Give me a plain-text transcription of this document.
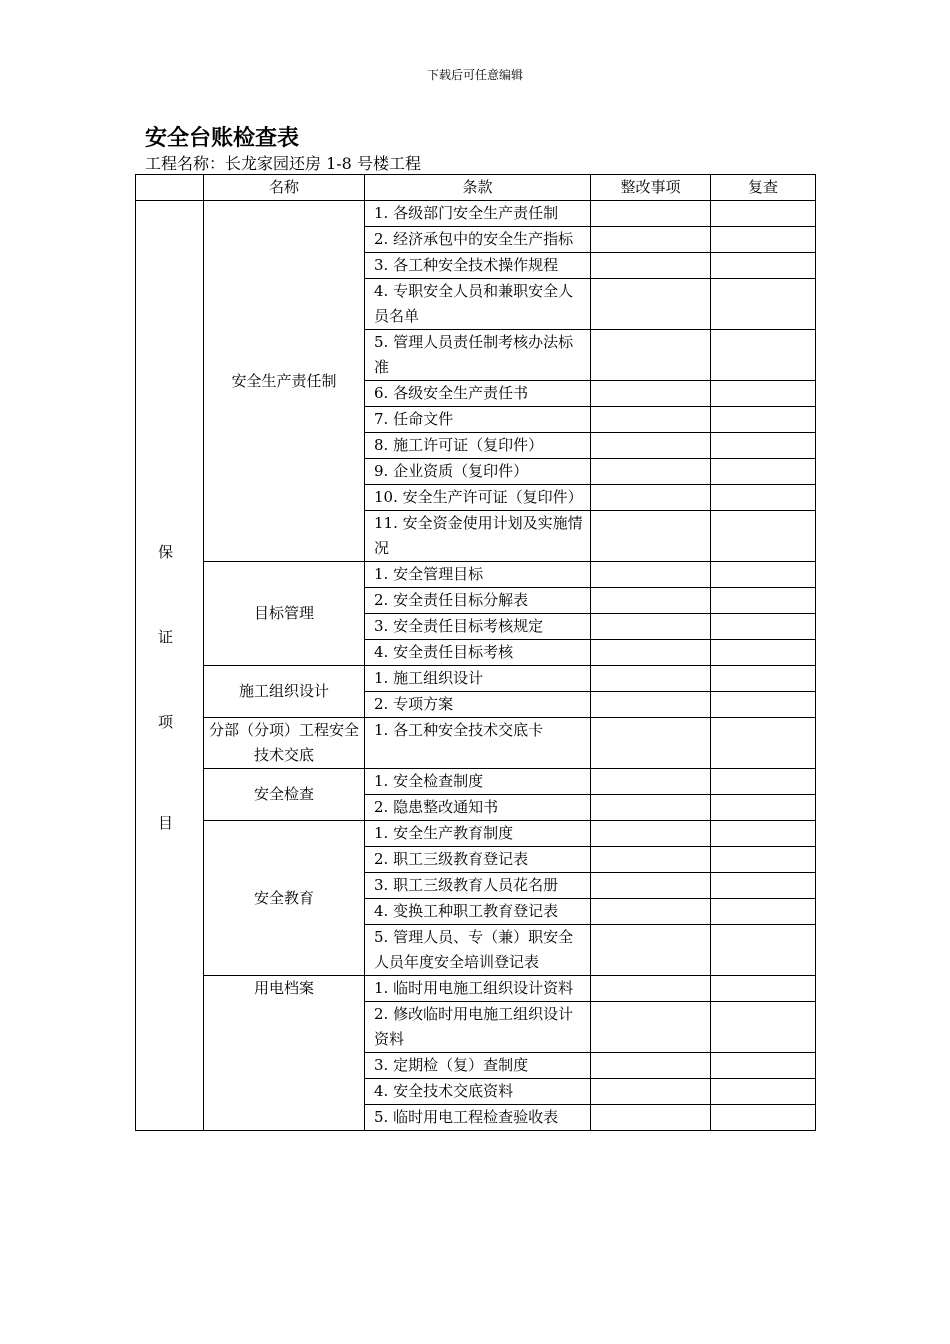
下载后可任意编辑
安全台账检查表
工程名称：长龙家园还房 1-8 号楼工程
	名称	条款	整改事项	复查
	安全生产责任制	1. 各级部门安全生产责任制		
		2. 经济承包中的安全生产指标		
		3. 各工种安全技术操作规程		
		4. 专职安全人员和兼职安全人员名单		
		5. 管理人员责任制考核办法标准		
		6. 各级安全生产责任书		
		7. 任命文件		
		8. 施工许可证（复印件）		
		9. 企业资质（复印件）		
		10. 安全生产许可证（复印件）		
		11. 安全资金使用计划及实施情况		
	目标管理	1. 安全管理目标		
		2. 安全责任目标分解表		
		3. 安全责任目标考核规定		
		4. 安全责任目标考核		
	施工组织设计	1. 施工组织设计		
		2. 专项方案		
	分部（分项）工程安全技术交底	1. 各工种安全技术交底卡		
	安全检查	1. 安全检查制度		
		2. 隐患整改通知书		
	安全教育	1. 安全生产教育制度		
		2. 职工三级教育登记表		
		3. 职工三级教育人员花名册		
		4. 变换工种职工教育登记表		
		5. 管理人员、专（兼）职安全人员年度安全培训登记表		
	用电档案	1. 临时用电施工组织设计资料		
		2. 修改临时用电施工组织设计资料		
		3. 定期检（复）查制度		
		4. 安全技术交底资料		
		5. 临时用电工程检查验收表		
保
证
项
目
